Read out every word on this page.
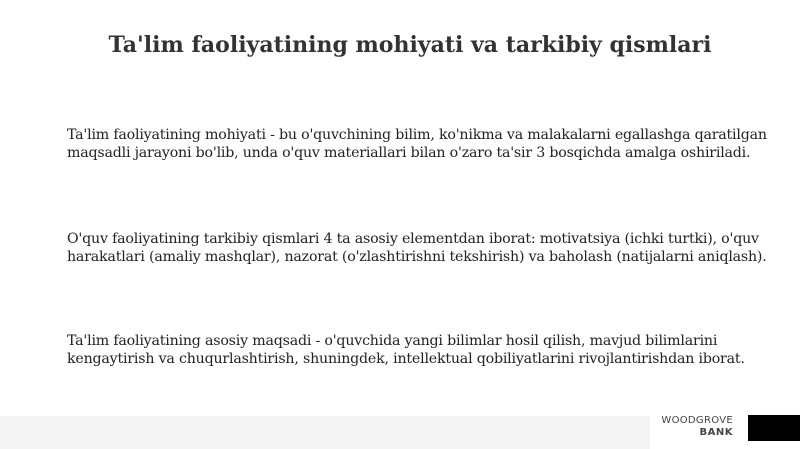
Ta'lim faoliyatining mohiyati va tarkibiy qismlari

Ta'lim faoliyatining mohiyati - bu o'quvchining bilim, ko'nikma va malakalarni egallashga qaratilgan maqsadli jarayoni bo'lib, unda o'quv materiallari bilan o'zaro ta'sir 3 bosqichda amalga oshiriladi.

O'quv faoliyatining tarkibiy qismlari 4 ta asosiy elementdan iborat: motivatsiya (ichki turtki), o'quv harakatlari (amaliy mashqlar), nazorat (o'zlashtirishni tekshirish) va baholash (natijalarni aniqlash).

Ta'lim faoliyatining asosiy maqsadi - o'quvchida yangi bilimlar hosil qilish, mavjud bilimlarini kengaytirish va chuqurlashtirish, shuningdek, intellektual qobiliyatlarini rivojlantirishdan iborat.

WOODGROVE
BANK
